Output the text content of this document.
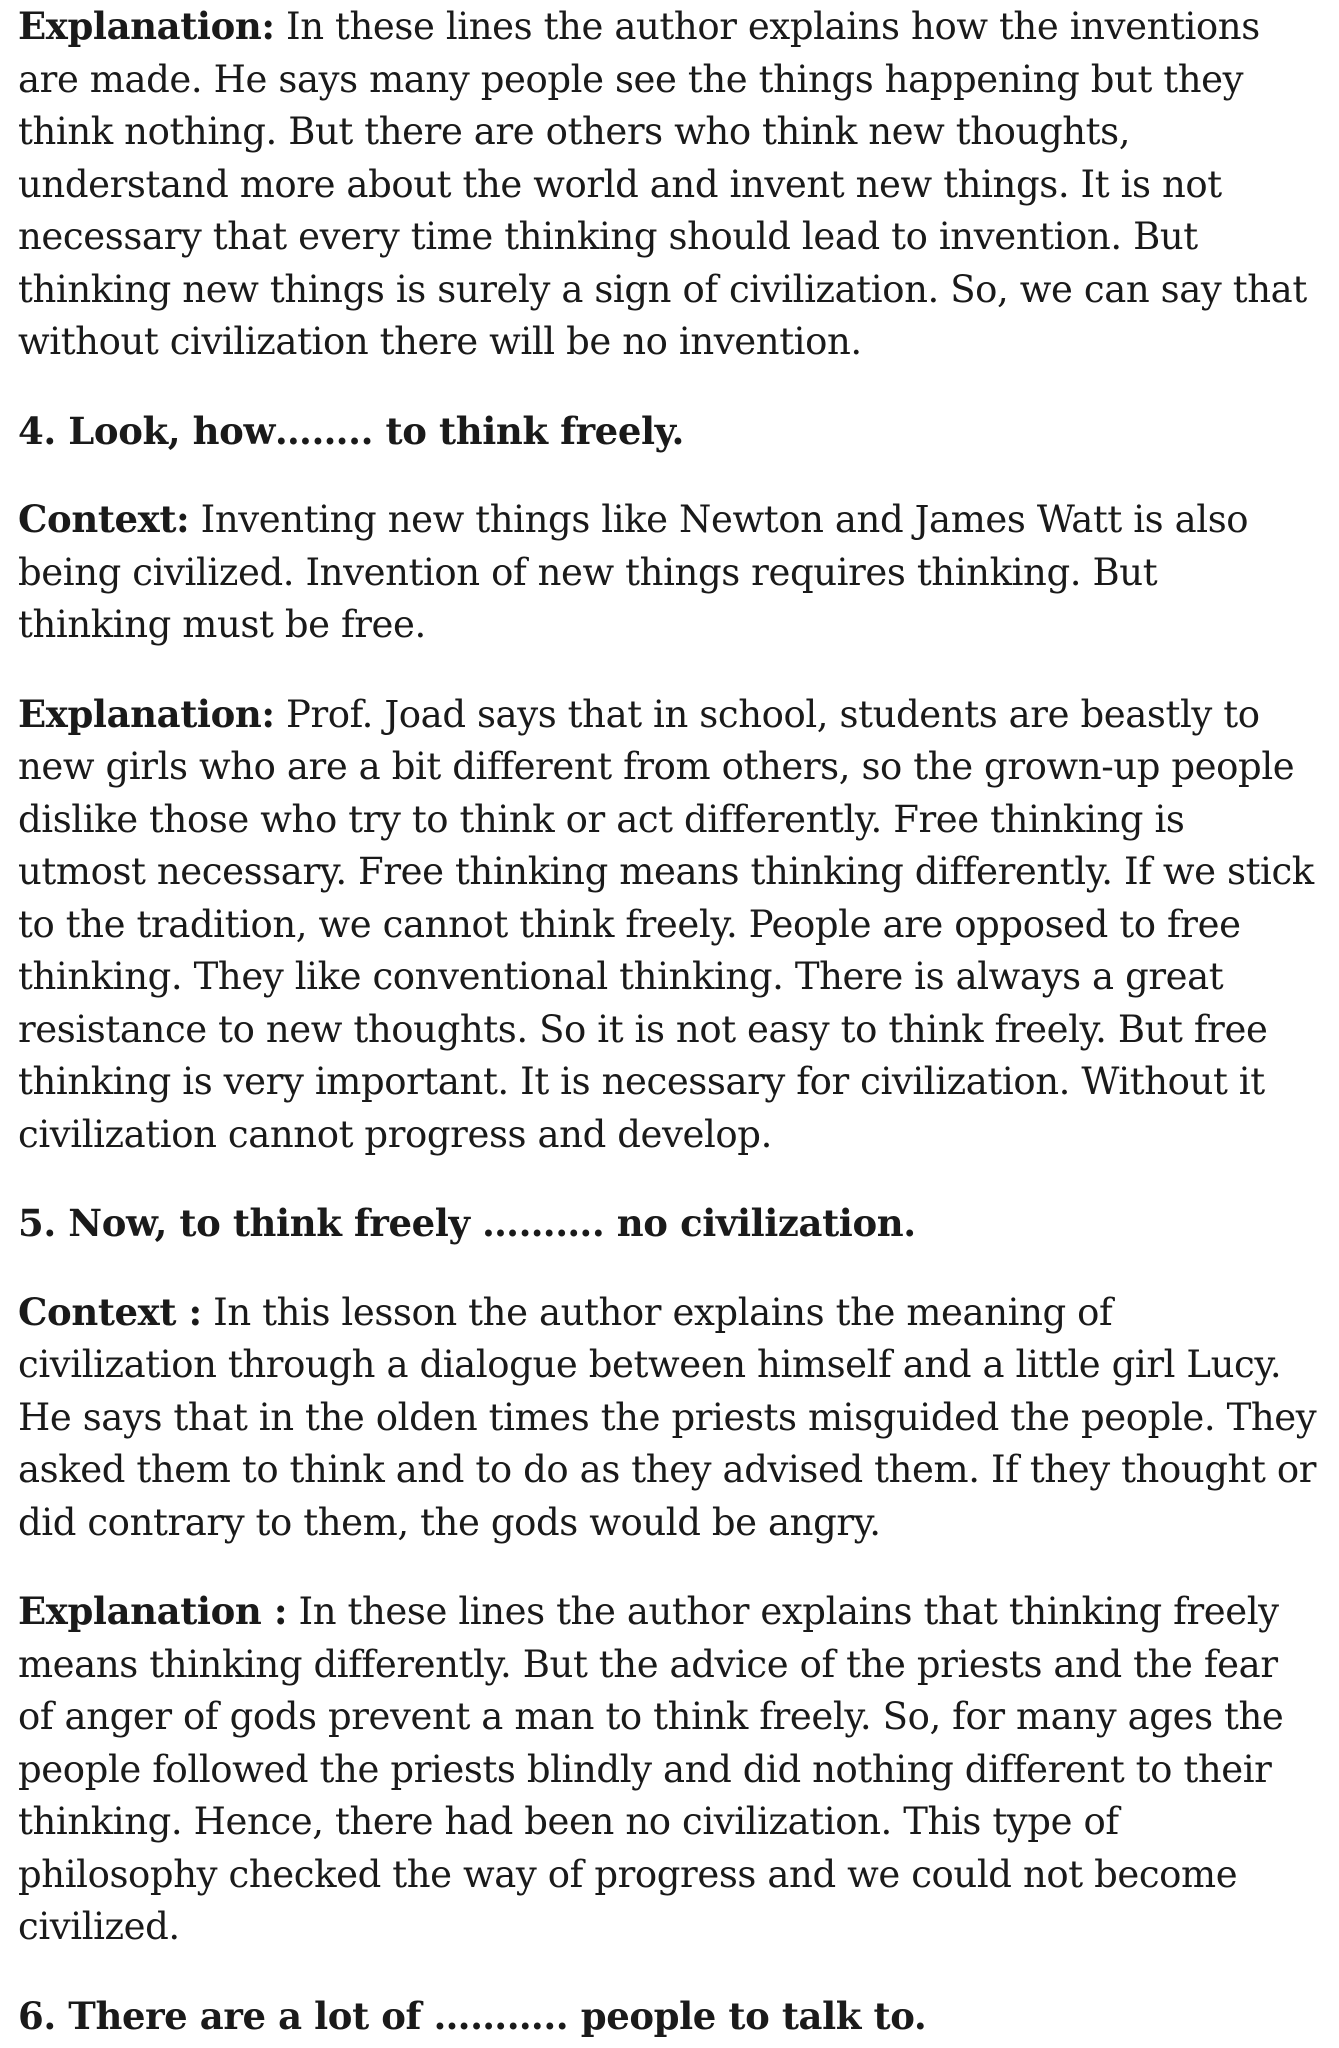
Explanation: In these lines the author explains how the inventions are made. He says many people see the things happening but they think nothing. But there are others who think new thoughts, understand more about the world and invent new things. It is not necessary that every time thinking should lead to invention. But thinking new things is surely a sign of civilization. So, we can say that without civilization there will be no invention.

4. Look, how…….. to think freely.

Context: Inventing new things like Newton and James Watt is also being civilized. Invention of new things requires thinking. But thinking must be free.

Explanation: Prof. Joad says that in school, students are beastly to new girls who are a bit different from others, so the grown-up people dislike those who try to think or act differently. Free thinking is utmost necessary. Free thinking means thinking differently. If we stick to the tradition, we cannot think freely. People are opposed to free thinking. They like conventional thinking. There is always a great resistance to new thoughts. So it is not easy to think freely. But free thinking is very important. It is necessary for civilization. Without it civilization cannot progress and develop.

5. Now, to think freely ………. no civilization.

Context : In this lesson the author explains the meaning of civilization through a dialogue between himself and a little girl Lucy. He says that in the olden times the priests misguided the people. They asked them to think and to do as they advised them. If they thought or did contrary to them, the gods would be angry.

Explanation : In these lines the author explains that thinking freely means thinking differently. But the advice of the priests and the fear of anger of gods prevent a man to think freely. So, for many ages the people followed the priests blindly and did nothing different to their thinking. Hence, there had been no civilization. This type of philosophy checked the way of progress and we could not become civilized.

6. There are a lot of ……….. people to talk to.
